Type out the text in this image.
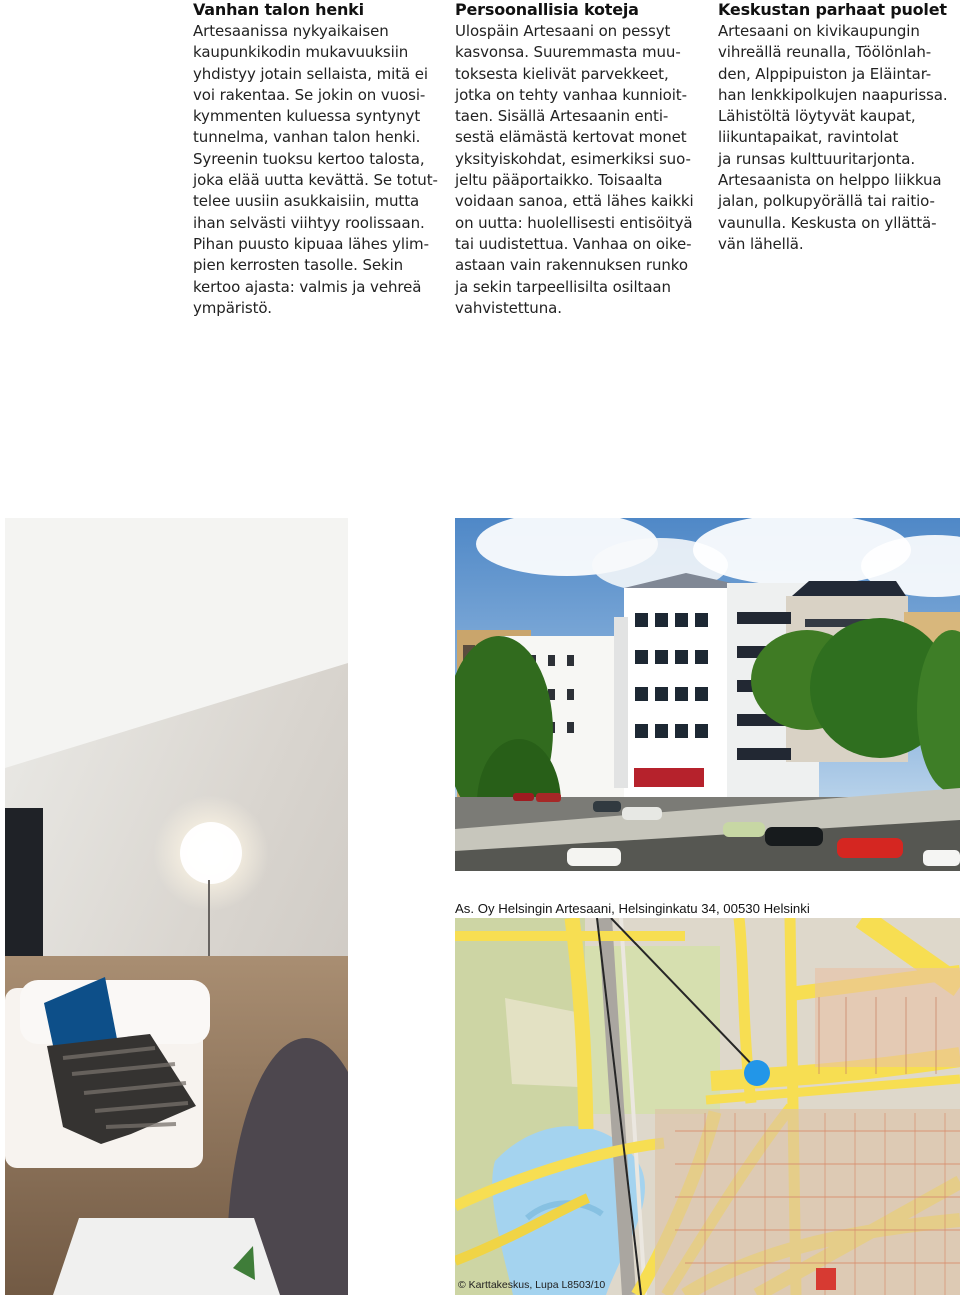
Vanhan talon henki

Artesaanissa nykyaikaisen
kaupunkikodin mukavuuksiin
yhdistyy jotain sellaista, mitä ei
voi rakentaa. Se jokin on vuosi-
kymmenten kuluessa syntynyt
tunnelma, vanhan talon henki.
Syreenin tuoksu kertoo talosta,
joka elää uutta kevättä. Se totut-
telee uusiin asukkaisiin, mutta
ihan selvästi viihtyy roolissaan.
Pihan puusto kipuaa lähes ylim-
pien kerrosten tasolle. Sekin
kertoo ajasta: valmis ja vehreä
ympäristö.

Persoonallisia koteja

Ulospäin Artesaani on pessyt
kasvonsa. Suuremmasta muu-
toksesta kielivät parvekkeet,
jotka on tehty vanhaa kunnioit-
taen. Sisällä Artesaanin enti-
sestä elämästä kertovat monet
yksityiskohdat, esimerkiksi suo-
jeltu pääportaikko. Toisaalta
voidaan sanoa, että lähes kaikki
on uutta: huolellisesti entisöityä
tai uudistettua. Vanhaa on oike-
astaan vain rakennuksen runko
ja sekin tarpeellisilta osiltaan
vahvistettuna.

Keskustan parhaat puolet

Artesaani on kivikaupungin
vihreällä reunalla, Töölönlah-
den, Alppipuiston ja Eläintar-
han lenkkipolkujen naapurissa.
Lähistöltä löytyvät kaupat,
liikuntapaikat, ravintolat
ja runsas kulttuuritarjonta.
Artesaanista on helppo liikkua
jalan, polkupyörällä tai raitio-
vaunulla. Keskusta on yllättä-
vän lähellä.

As. Oy Helsingin Artesaani, Helsinginkatu 34, 00530 Helsinki
© Karttakeskus, Lupa L8503/10
